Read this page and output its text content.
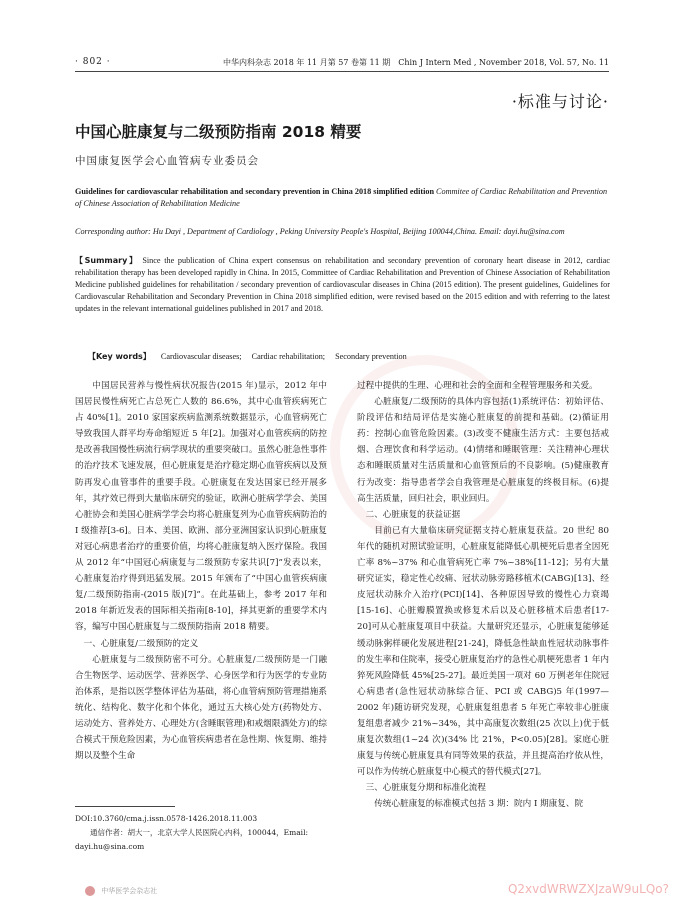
· 802 ·	中华内科杂志 2018 年 11 月第 57 卷第 11 期　Chin J Intern Med , November 2018, Vol. 57, No. 11
·标准与讨论·
中国心脏康复与二级预防指南 2018 精要
中国康复医学会心血管病专业委员会
Guidelines for cardiovascular rehabilitation and secondary prevention in China 2018 simplified edition Commitee of Cardiac Rehabilitation and Prevention of Chinese Association of Rehabilitation Medicine
Corresponding author: Hu Dayi , Department of Cardiology , Peking University People's Hospital, Beijing 100044,China. Email: dayi.hu@sina.com
【Summary】 Since the publication of China expert consensus on rehabilitation and secondary prevention of coronary heart disease in 2012, cardiac rehabilitation therapy has been developed rapidly in China. In 2015, Committee of Cardiac Rehabilitation and Prevention of Chinese Association of Rehabilitation Medicine published guidelines for rehabilitation / secondary prevention of cardiovascular diseases in China (2015 edition). The present guidelines, Guidelines for Cardiovascular Rehabilitation and Secondary Prevention in China 2018 simplified edition, were revised based on the 2015 edition and with referring to the latest updates in the relevant international guidelines published in 2017 and 2018.
【Key words】 Cardiovascular diseases; Cardiac rehabilitation; Secondary prevention

中国居民营养与慢性病状况报告(2015 年)显示，2012 年中国居民慢性病死亡占总死亡人数的 86.6%，其中心血管疾病死亡占 40%[1]。2010 家国家疾病监测系统数据显示，心血管病死亡导致我国人群平均寿命缩短近 5 年[2]。加强对心血管疾病的防控是改善我国慢性病流行病学现状的重要突破口。虽然心脏急性事件的治疗技术飞速发展，但心脏康复是治疗稳定期心血管疾病以及预防再发心血管事件的重要手段。心脏康复在发达国家已经开展多年，其疗效已得到大量临床研究的验证，欧洲心脏病学学会、美国心脏协会和美国心脏病学学会均将心脏康复列为心血管疾病防治的 Ⅰ 级推荐[3-6]。日本、美国、欧洲、部分亚洲国家认识到心脏康复对冠心病患者治疗的重要价值，均将心脏康复纳入医疗保险。我国从 2012 年“中国冠心病康复与二级预防专家共识[7]”发表以来，心脏康复治疗得到迅猛发展。2015 年颁布了“中国心血管疾病康复/二级预防指南-(2015 版)[7]”。在此基础上，参考 2017 年和 2018 年新近发表的国际相关指南[8-10]，择其更新的重要学术内容，编写中国心脏康复与二级预防指南 2018 精要。

一、心脏康复/二级预防的定义

心脏康复与二级预防密不可分。心脏康复/二级预防是一门融合生物医学、运动医学、营养医学、心身医学和行为医学的专业防治体系，是指以医学整体评估为基础，将心血管病预防管理措施系统化、结构化、数字化和个体化，通过五大核心处方(药物处方、运动处方、营养处方、心理处方(含睡眠管理)和戒烟限酒处方)的综合模式干预危险因素，为心血管疾病患者在急性期、恢复期、维持期以及整个生命

过程中提供的生理、心理和社会的全面和全程管理服务和关爱。

心脏康复/二级预防的具体内容包括(1)系统评估：初始评估、阶段评估和结局评估是实施心脏康复的前提和基础。(2)循证用药：控制心血管危险因素。(3)改变不健康生活方式：主要包括戒烟、合理饮食和科学运动。(4)情绪和睡眠管理：关注精神心理状态和睡眠质量对生活质量和心血管预后的不良影响。(5)健康教育行为改变：指导患者学会自我管理是心脏康复的终极目标。(6)提高生活质量，回归社会，职业回归。

二、心脏康复的获益证据

目前已有大量临床研究证据支持心脏康复获益。20 世纪 80 年代的随机对照试验证明，心脏康复能降低心肌梗死后患者全因死亡率 8%~37% 和心血管病死亡率 7%~38%[11-12]；另有大量研究证实，稳定性心绞痛、冠状动脉旁路移植术(CABG)[13]、经皮冠状动脉介入治疗(PCI)[14]、各种原因导致的慢性心力衰竭[15-16]、心脏瓣膜置换或修复术后以及心脏移植术后患者[17-20]可从心脏康复项目中获益。大量研究还显示，心脏康复能够延缓动脉粥样硬化发展进程[21-24]，降低急性缺血性冠状动脉事件的发生率和住院率，接受心脏康复治疗的急性心肌梗死患者 1 年内猝死风险降低 45%[25-27]。最近美国一项对 60 万例老年住院冠心病患者(急性冠状动脉综合征、PCI 或 CABG)5 年(1997—2002 年)随访研究发现，心脏康复组患者 5 年死亡率较非心脏康复组患者减少 21%~34%，其中高康复次数组(25 次以上)优于低康复次数组(1~24 次)(34% 比 21%，P<0.05)[28]。家庭心脏康复与传统心脏康复具有同等效果的获益，并且提高治疗依从性，可以作为传统心脏康复中心模式的替代模式[27]。

三、心脏康复分期和标准化流程

传统心脏康复的标准模式包括 3 期：院内 Ⅰ 期康复、院

DOI:10.3760/cma.j.issn.0578-1426.2018.11.003
通信作者：胡大一，北京大学人民医院心内科，100044，Email: dayi.hu@sina.com
中华医学会杂志社	Q2xvdWRWZXJzaW9uLQo?
